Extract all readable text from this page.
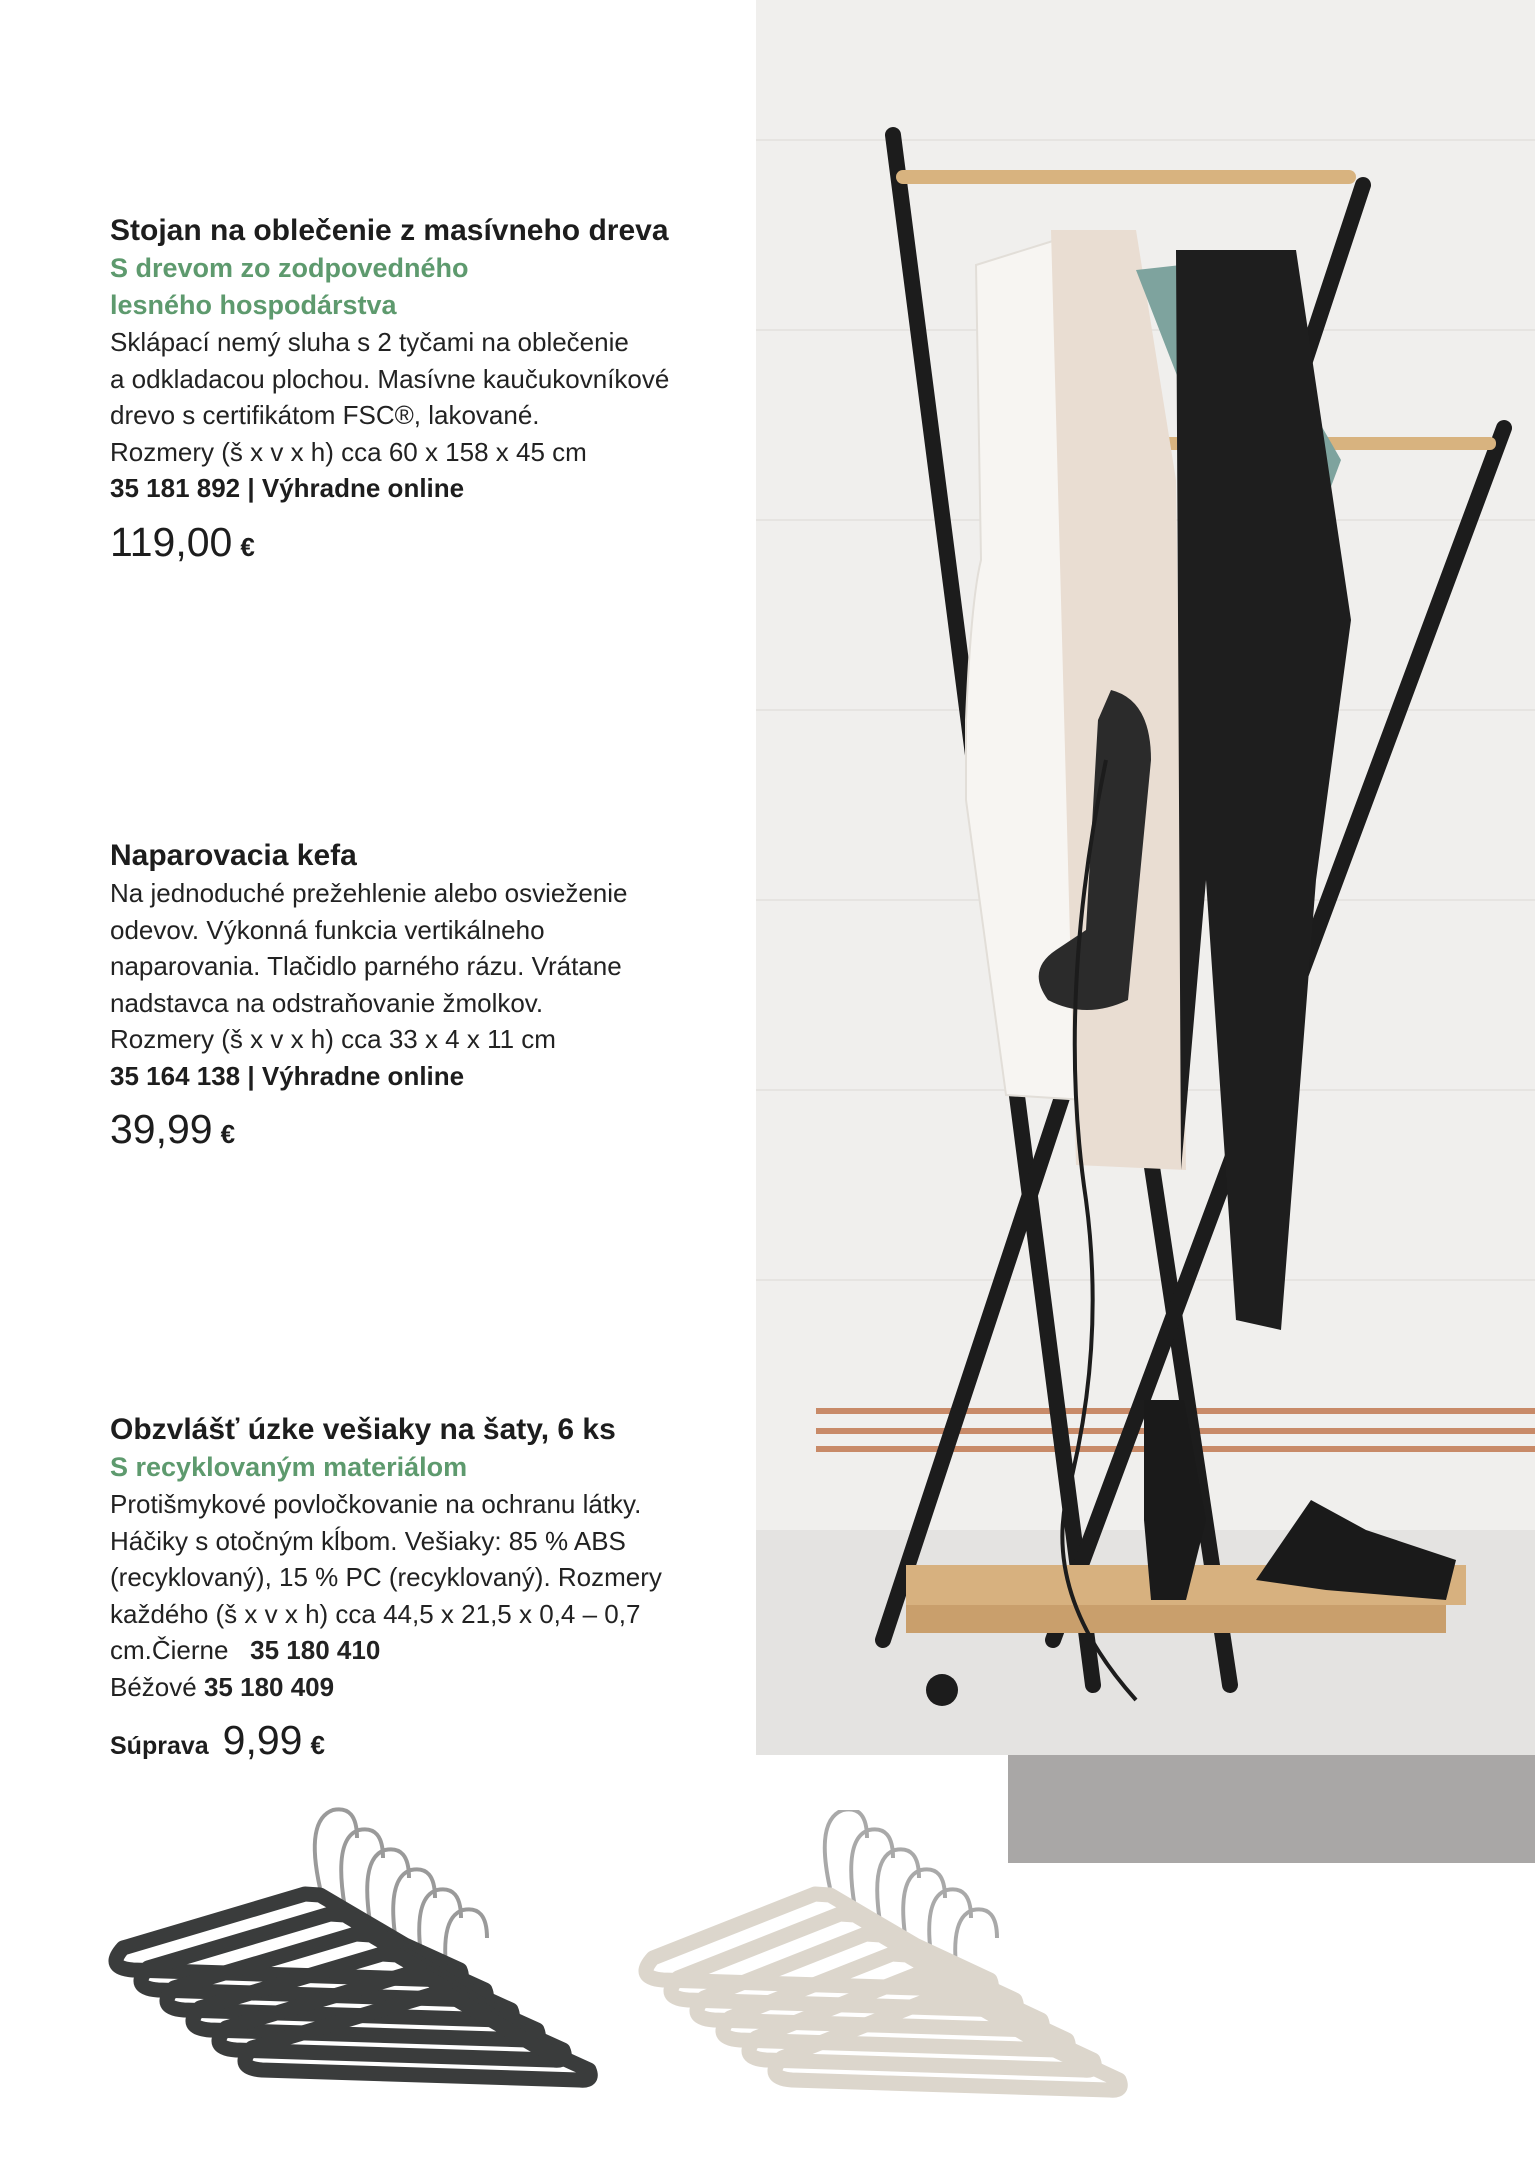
Stojan na oblečenie z masívneho dreva

S drevom zo zodpovedného

lesného hospodárstva

Sklápací nemý sluha s 2 tyčami na oblečenie

a odkladacou plochou. Masívne kaučukovníkové

drevo s certifikátom FSC®, lakované.

Rozmery (š x v x h) cca 60 x 158 x 45 cm

35 181 892 | Výhradne online

119,00 €

Naparovacia kefa

Na jednoduché prežehlenie alebo osvieženie

odevov. Výkonná funkcia vertikálneho

naparovania. Tlačidlo parného rázu. Vrátane

nadstavca na odstraňovanie žmolkov.

Rozmery (š x v x h) cca 33 x 4 x 11 cm

35 164 138 | Výhradne online

39,99 €

Obzvlášť úzke vešiaky na šaty, 6 ks

S recyklovaným materiálom

Protišmykové povločkovanie na ochranu látky.

Háčiky s otočným kĺbom. Vešiaky: 85 % ABS

(recyklovaný), 15 % PC (recyklovaný). Rozmery

každého (š x v x h) cca 44,5 x 21,5 x 0,4 – 0,7

cm.Čierne 35 180 410

Béžové 35 180 409

Súprava 9,99 €
